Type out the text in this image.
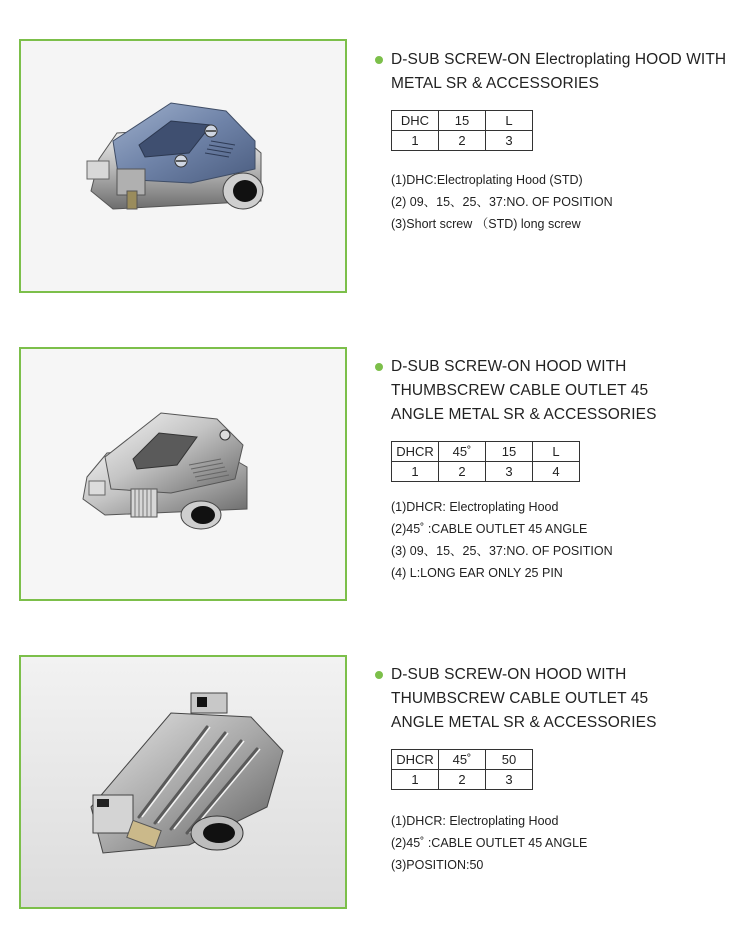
D-SUB SCREW-ON Electroplating HOOD WITH
METAL SR & ACCESSORIES
DHC	15	L
1	2	3
(1)DHC:Electroplating Hood (STD)
(2) 09、15、25、37:NO. OF POSITION
(3)Short screw （STD) long screw
D-SUB SCREW-ON HOOD WITH
THUMBSCREW CABLE OUTLET 45
ANGLE METAL SR & ACCESSORIES
DHCR	45˚	15	L
1	2	3	4
(1)DHCR: Electroplating Hood
(2)45˚ :CABLE OUTLET 45 ANGLE
(3) 09、15、25、37:NO. OF POSITION
(4) L:LONG EAR ONLY 25 PIN
D-SUB SCREW-ON HOOD WITH
THUMBSCREW CABLE OUTLET 45
ANGLE METAL SR & ACCESSORIES
DHCR	45˚	50
1	2	3
(1)DHCR: Electroplating Hood
(2)45˚ :CABLE OUTLET 45 ANGLE
(3)POSITION:50
